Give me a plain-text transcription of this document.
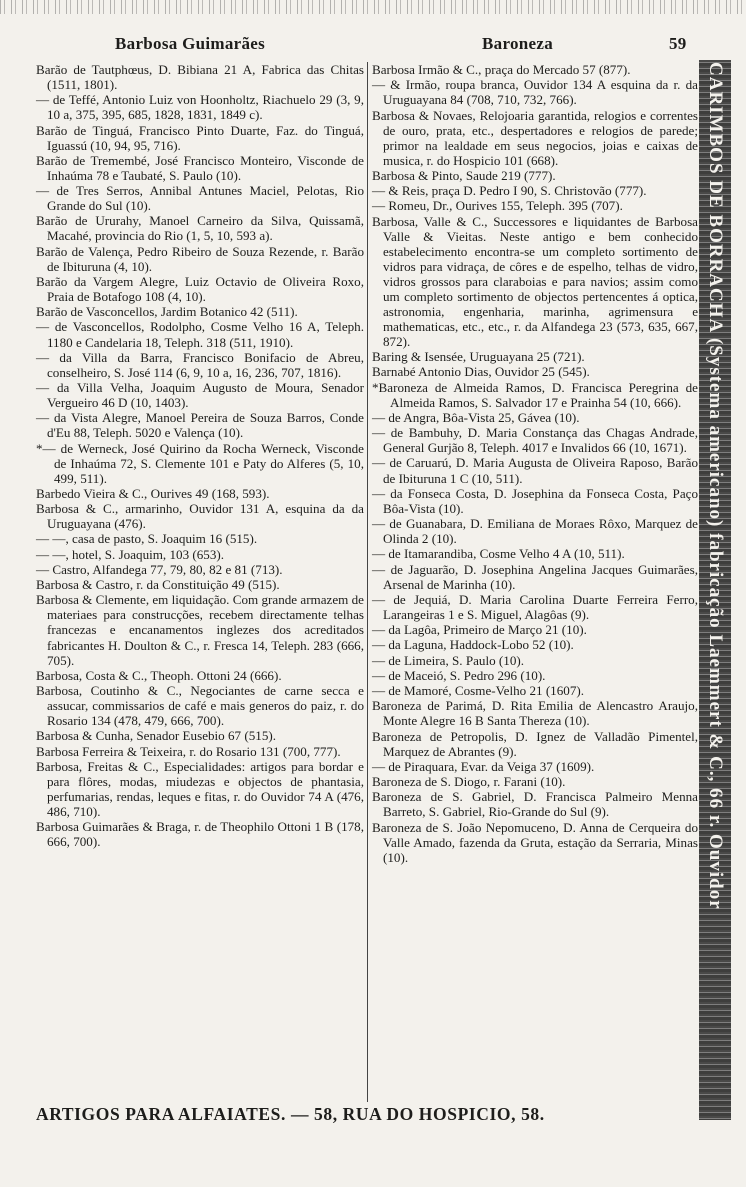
Barbosa Guimarães	Baroneza	59
Barão de Tautphœus, D. Bibiana 21 A, Fabrica das Chitas (1511, 1801).
— de Teffé, Antonio Luiz von Hoonholtz, Riachuelo 29 (3, 9, 10 a, 375, 395, 685, 1828, 1831, 1849 c).
Barão de Tinguá, Francisco Pinto Duarte, Faz. do Tinguá, Iguassú (10, 94, 95, 716).
Barão de Tremembé, José Francisco Monteiro, Visconde de Inhaúma 78 e Taubaté, S. Paulo (10).
— de Tres Serros, Annibal Antunes Maciel, Pelotas, Rio Grande do Sul (10).
Barão de Ururahy, Manoel Carneiro da Silva, Quissamã, Macahé, provincia do Rio (1, 5, 10, 593 a).
Barão de Valença, Pedro Ribeiro de Souza Rezende, r. Barão de Ibituruna (4, 10).
Barão da Vargem Alegre, Luiz Octavio de Oliveira Roxo, Praia de Botafogo 108 (4, 10).
Barão de Vasconcellos, Jardim Botanico 42 (511).
— de Vasconcellos, Rodolpho, Cosme Velho 16 A, Teleph. 1180 e Candelaria 18, Teleph. 318 (511, 1910).
— da Villa da Barra, Francisco Bonifacio de Abreu, conselheiro, S. José 114 (6, 9, 10 a, 16, 236, 707, 1816).
— da Villa Velha, Joaquim Augusto de Moura, Senador Vergueiro 46 D (10, 1403).
— da Vista Alegre, Manoel Pereira de Souza Barros, Conde d'Eu 88, Teleph. 5020 e Valença (10).
*— de Werneck, José Quirino da Rocha Werneck, Visconde de Inhaúma 72, S. Clemente 101 e Paty do Alferes (5, 10, 499, 511).
Barbedo Vieira & C., Ourives 49 (168, 593).
Barbosa & C., armarinho, Ouvidor 131 A, esquina da da Uruguayana (476).
— —, casa de pasto, S. Joaquim 16 (515).
— —, hotel, S. Joaquim, 103 (653).
— Castro, Alfandega 77, 79, 80, 82 e 81 (713).
Barbosa & Castro, r. da Constituição 49 (515).
Barbosa & Clemente, em liquidação. Com grande armazem de materiaes para construcções, recebem directamente telhas francezas e encanamentos inglezes dos acreditados fabricantes H. Doulton & C., r. Fresca 14, Teleph. 283 (666, 705).
Barbosa, Costa & C., Theoph. Ottoni 24 (666).
Barbosa, Coutinho & C., Negociantes de carne secca e assucar, commissarios de café e mais generos do paiz, r. do Rosario 134 (478, 479, 666, 700).
Barbosa & Cunha, Senador Eusebio 67 (515).
Barbosa Ferreira & Teixeira, r. do Rosario 131 (700, 777).
Barbosa, Freitas & C., Especialidades: artigos para bordar e para flôres, modas, miudezas e objectos de phantasia, perfumarias, rendas, leques e fitas, r. do Ouvidor 74 A (476, 486, 710).
Barbosa Guimarães & Braga, r. de Theophilo Ottoni 1 B (178, 666, 700).
Barbosa Irmão & C., praça do Mercado 57 (877).
— & Irmão, roupa branca, Ouvidor 134 A esquina da r. da Uruguayana 84 (708, 710, 732, 766).
Barbosa & Novaes, Relojoaria garantida, relogios e correntes de ouro, prata, etc., despertadores e relogios de parede; primor na lealdade em seus negocios, joias e caixas de musica, r. do Hospicio 101 (668).
Barbosa & Pinto, Saude 219 (777).
— & Reis, praça D. Pedro I 90, S. Christovão (777).
— Romeu, Dr., Ourives 155, Teleph. 395 (707).
Barbosa, Valle & C., Successores e liquidantes de Barbosa Valle & Vieitas. Neste antigo e bem conhecido estabelecimento encontra-se um completo sortimento de vidros para vidraça, de côres e de espelho, telhas de vidro, vidros grossos para claraboias e para navios; assim como um completo sortimento de objectos pertencentes á optica, astronomia, engenharia, marinha, agrimensura e mathematicas, etc., etc., r. da Alfandega 23 (573, 635, 667, 872).
Baring & Isensée, Uruguayana 25 (721).
Barnabé Antonio Dias, Ouvidor 25 (545).
*Baroneza de Almeida Ramos, D. Francisca Peregrina de Almeida Ramos, S. Salvador 17 e Prainha 54 (10, 666).
— de Angra, Bôa-Vista 25, Gávea (10).
— de Bambuhy, D. Maria Constança das Chagas Andrade, General Gurjão 8, Teleph. 4017 e Invalidos 66 (10, 1671).
— de Caruarú, D. Maria Augusta de Oliveira Raposo, Barão de Ibituruna 1 C (10, 511).
— da Fonseca Costa, D. Josephina da Fonseca Costa, Paço Bôa-Vista (10).
— de Guanabara, D. Emiliana de Moraes Rôxo, Marquez de Olinda 2 (10).
— de Itamarandiba, Cosme Velho 4 A (10, 511).
— de Jaguarão, D. Josephina Angelina Jacques Guimarães, Arsenal de Marinha (10).
— de Jequiá, D. Maria Carolina Duarte Ferreira Ferro, Larangeiras 1 e S. Miguel, Alagôas (9).
— da Lagôa, Primeiro de Março 21 (10).
— da Laguna, Haddock-Lobo 52 (10).
— de Limeira, S. Paulo (10).
— de Maceió, S. Pedro 296 (10).
— de Mamoré, Cosme-Velho 21 (1607).
Baroneza de Parimá, D. Rita Emilia de Alencastro Araujo, Monte Alegre 16 B Santa Thereza (10).
Baroneza de Petropolis, D. Ignez de Valladão Pimentel, Marquez de Abrantes (9).
— de Piraquara, Evar. da Veiga 37 (1609).
Baroneza de S. Diogo, r. Farani (10).
Baroneza de S. Gabriel, D. Francisca Palmeiro Menna Barreto, S. Gabriel, Rio-Grande do Sul (9).
Baroneza de S. João Nepomuceno, D. Anna de Cerqueira do Valle Amado, fazenda da Gruta, estação da Serraria, Minas (10).	CARIMBOS DE BORRACHA (Systema americano) fabricação Laemmert & C., 66 r. Ouvidor
ARTIGOS PARA ALFAIATES. — 58, RUA DO HOSPICIO, 58.
